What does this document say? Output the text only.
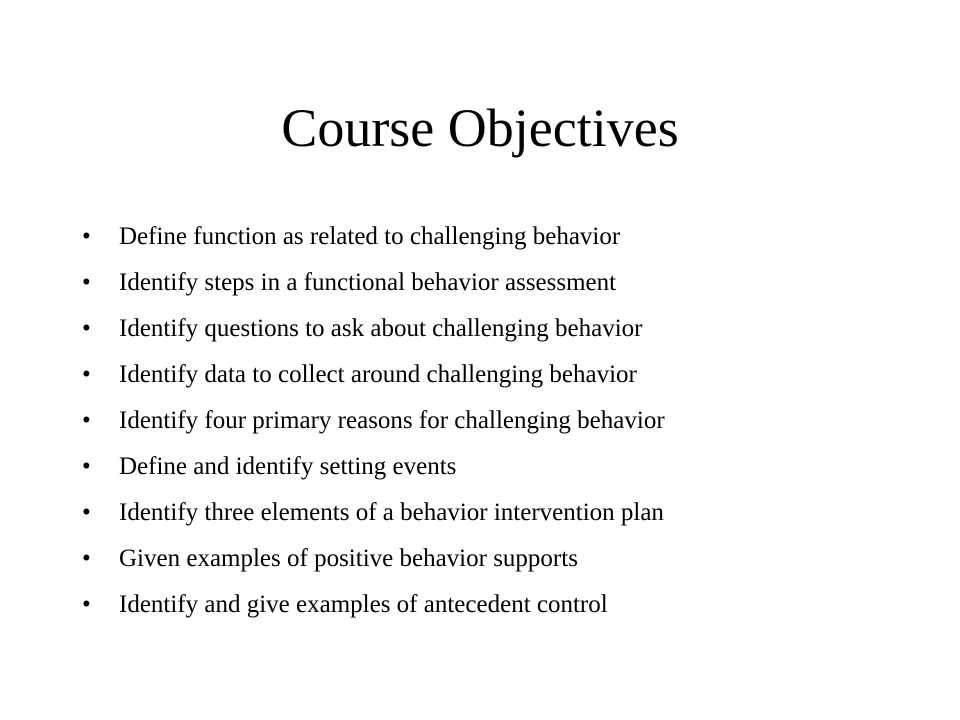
Course Objectives
•	Define function as related to challenging behavior
•	Identify steps in a functional behavior assessment
•	Identify questions to ask about challenging behavior
•	Identify data to collect around challenging behavior
•	Identify four primary reasons for challenging behavior
•	Define and identify setting events
•	Identify three elements of a behavior intervention plan
•	Given examples of positive behavior supports
•	Identify and give examples of antecedent control
